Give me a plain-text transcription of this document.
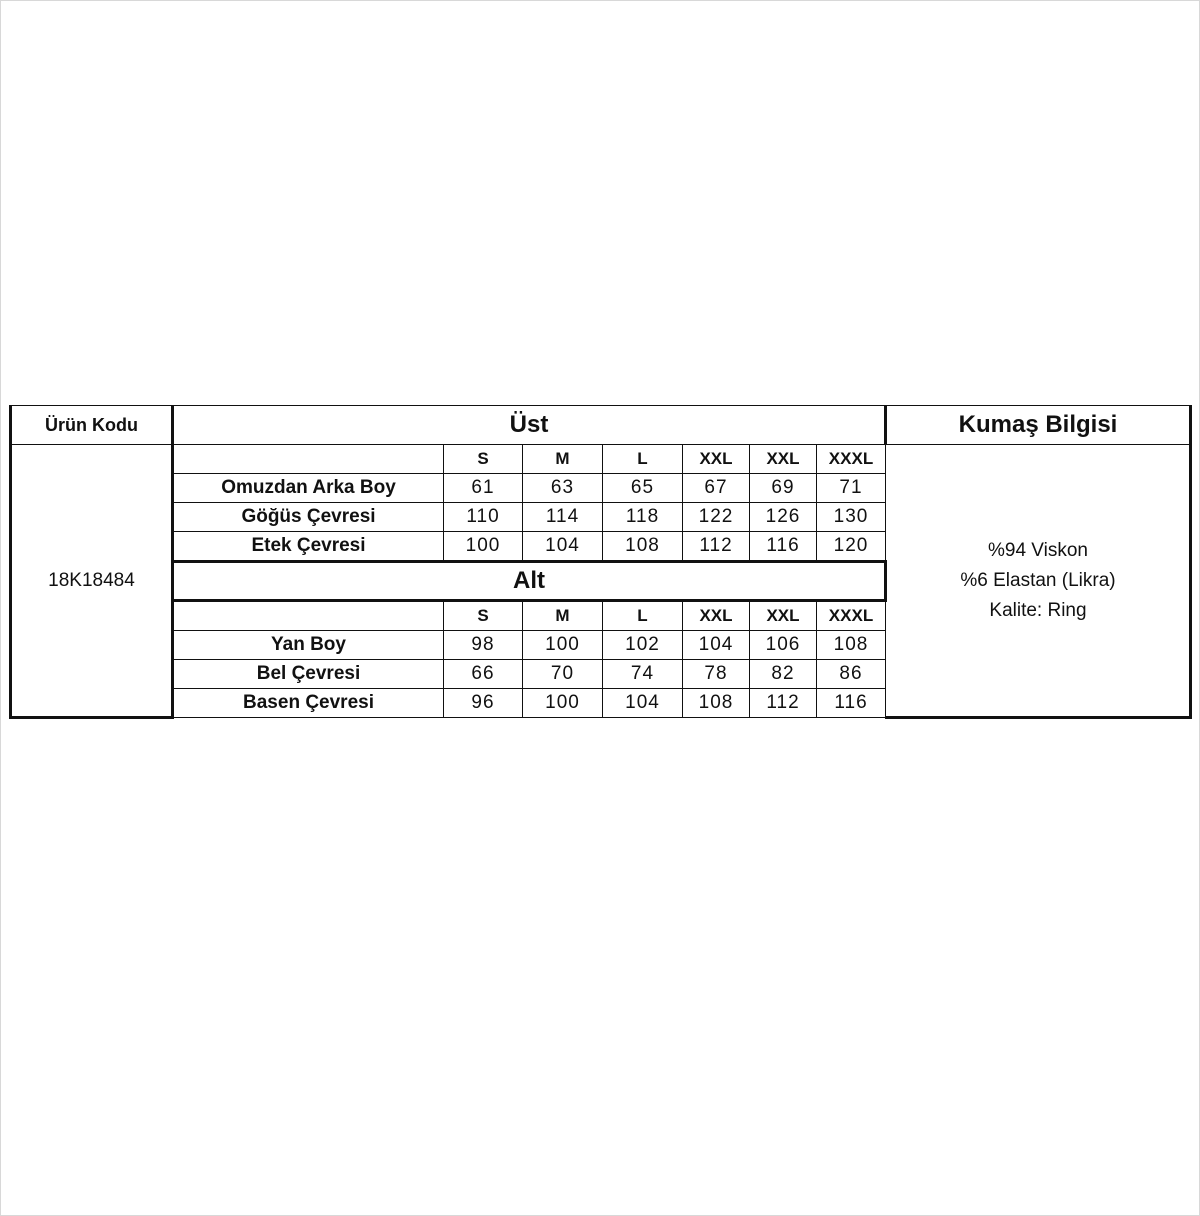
Ürün Kodu	Üst							Kumaş Bilgisi
18K18484		S	M	L	XXL	XXL	XXXL	%94 Viskon
%6 Elastan (Likra)
Kalite: Ring

	Omuzdan Arka Boy	61	63	65	67	69	71	
	Göğüs Çevresi	110	114	118	122	126	130	
	Etek Çevresi	100	104	108	112	116	120	
	Alt							
		S	M	L	XXL	XXL	XXXL	
	Yan Boy	98	100	102	104	106	108	
	Bel Çevresi	66	70	74	78	82	86	
	Basen Çevresi	96	100	104	108	112	116	
